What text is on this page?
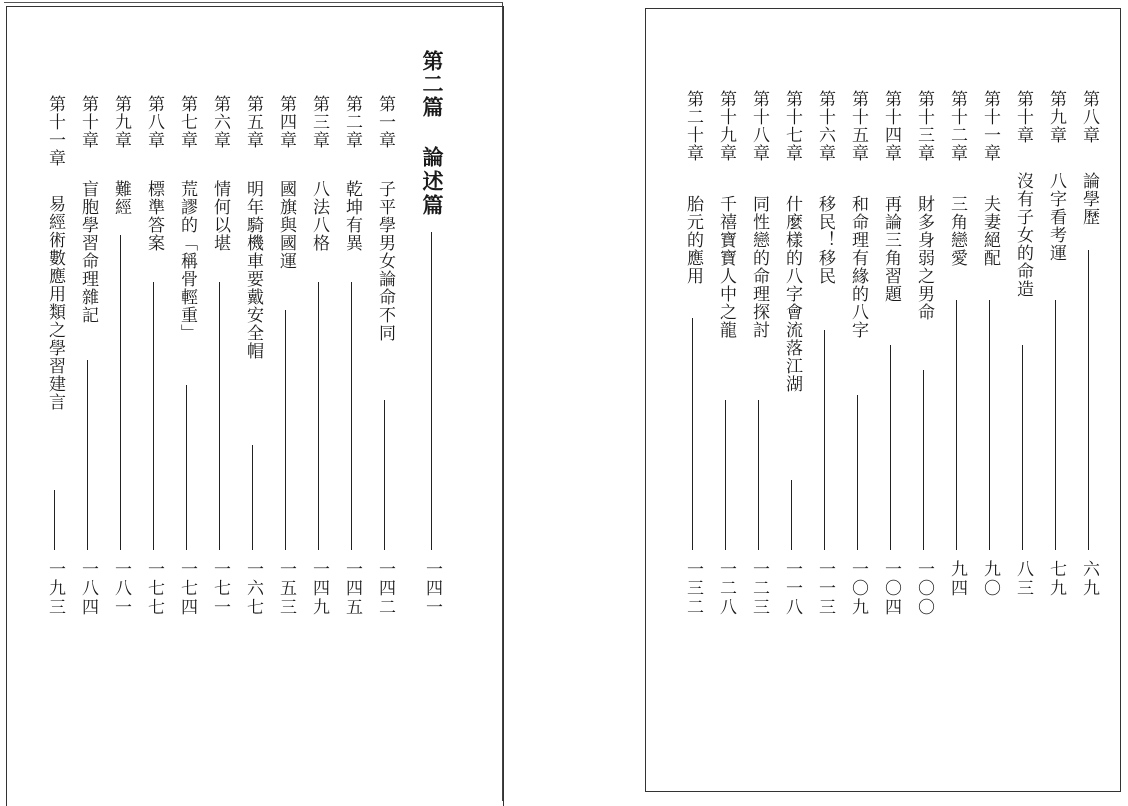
第二篇
論述篇
一四一
第一章
子平學男女論命不同
一四二
第二章
乾坤有異
一四五
第三章
八法八格
一四九
第四章
國旗與國運
一五三
第五章
明年騎機車要戴安全帽
一六七
第六章
情何以堪
一七一
第七章
荒謬的「稱骨輕重」
一七四
第八章
標準答案
一七七
第九章
難經
一八一
第十章
盲胞學習命理雜記
一八四
第十一章
易經術數應用類之學習建言
一九三
第八章
論學歷
六九
第九章
八字看考運
七九
第十章
沒有子女的命造
八三
第十一章
夫妻絕配
九〇
第十二章
三角戀愛
九四
第十三章
財多身弱之男命
一〇〇
第十四章
再論三角習題
一〇四
第十五章
和命理有緣的八字
一〇九
第十六章
移民！移民
一一三
第十七章
什麼樣的八字會流落江湖
一一八
第十八章
同性戀的命理探討
一二三
第十九章
千禧寶寶人中之龍
一二八
第二十章
胎元的應用
一三二
